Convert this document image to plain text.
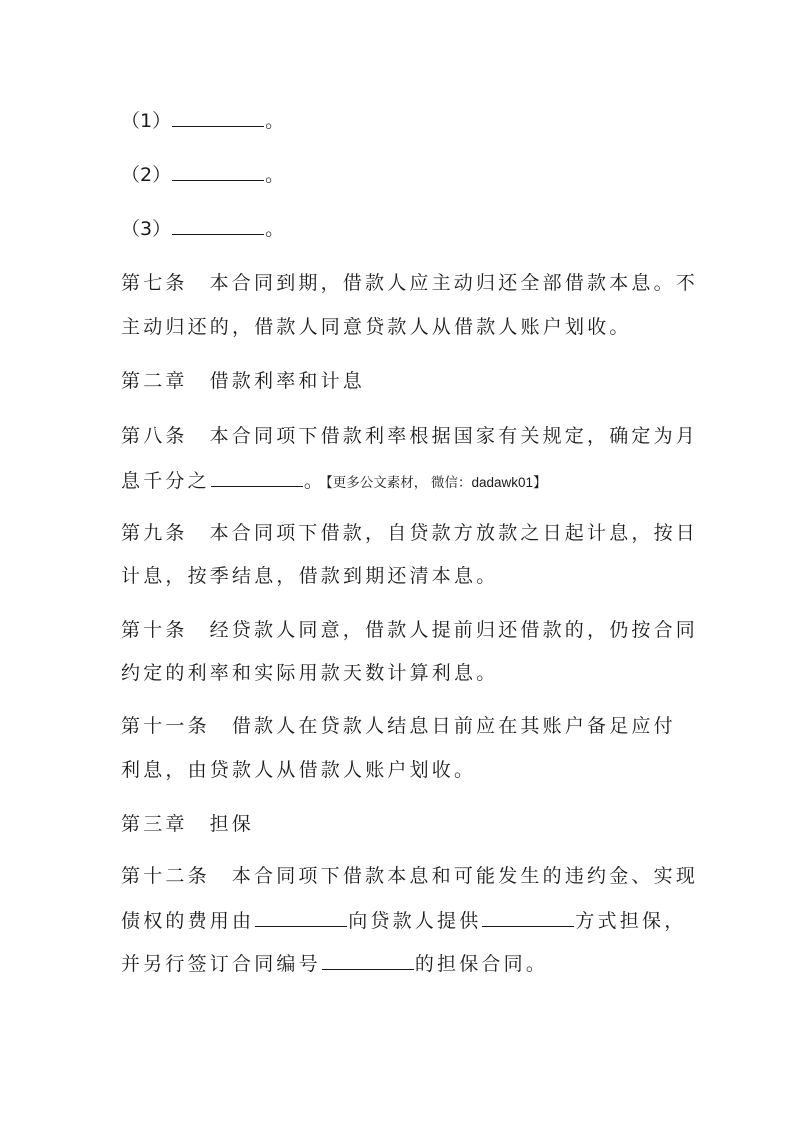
（1）	。
（2）	。
（3）	。
第七条 本合同到期，借款人应主动归还全部借款本息。不
主动归还的，借款人同意贷款人从借款人账户划收。
第二章 借款利率和计息
第八条 本合同项下借款利率根据国家有关规定，确定为月
息千分之	。【更多公文素材， 微信：dadawk01】
第九条 本合同项下借款，自贷款方放款之日起计息，按日
计息，按季结息，借款到期还清本息。
第十条 经贷款人同意，借款人提前归还借款的，仍按合同
约定的利率和实际用款天数计算利息。
第十一条 借款人在贷款人结息日前应在其账户备足应付
利息，由贷款人从借款人账户划收。
第三章 担保
第十二条 本合同项下借款本息和可能发生的违约金、实现
债权的费用由	向贷款人提供	方式担保，
并另行签订合同编号	的担保合同。
